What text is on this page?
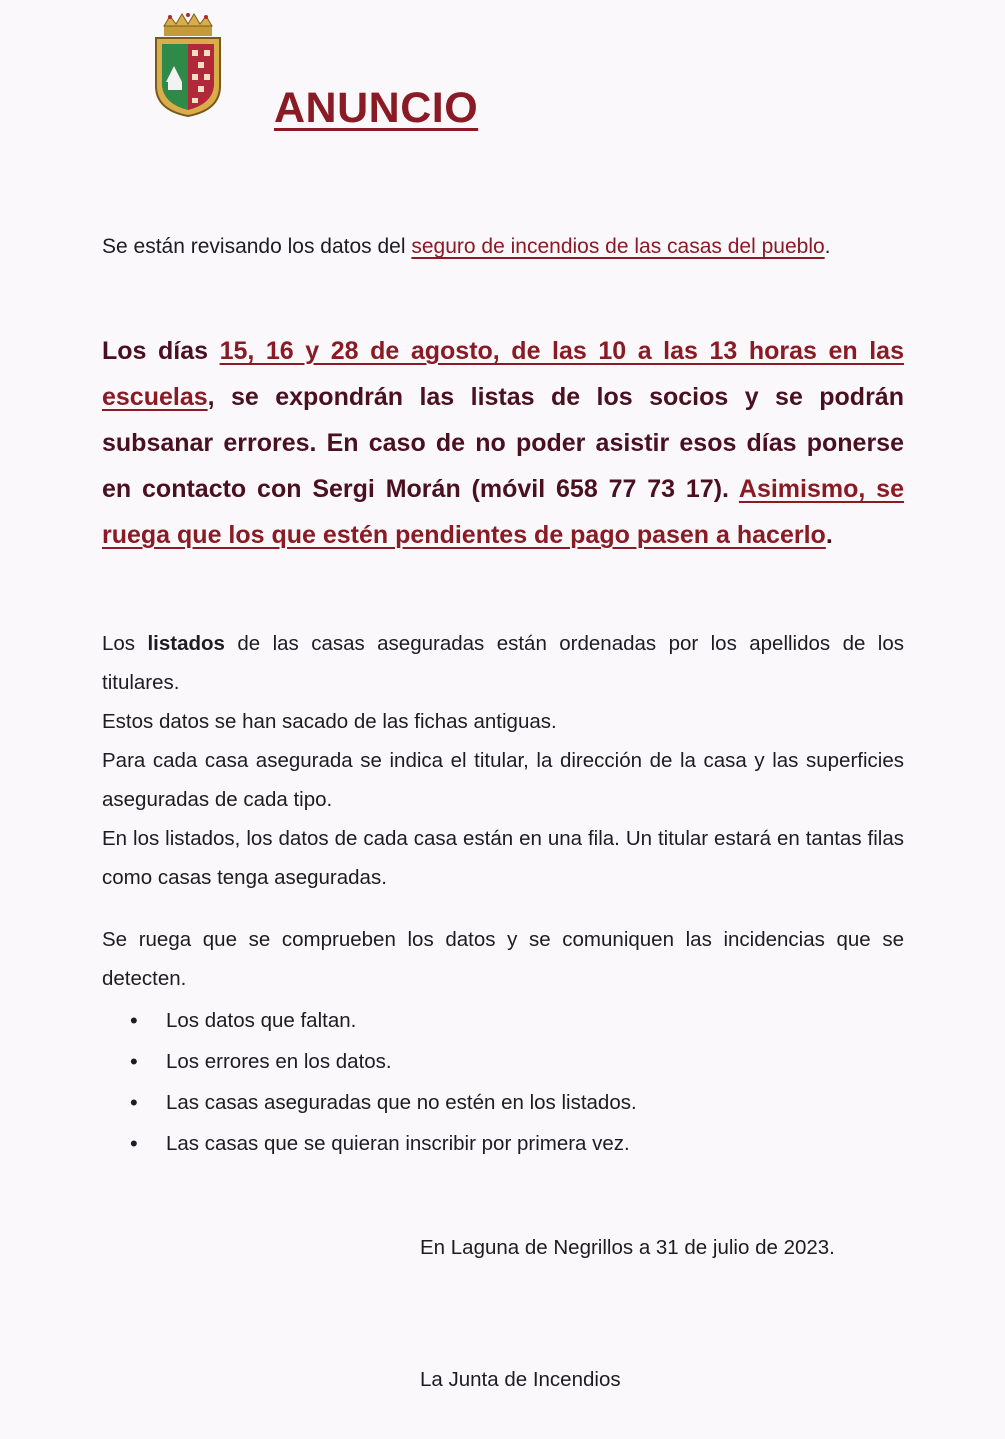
ANUNCIO

Se están revisando los datos del seguro de incendios de las casas del pueblo.

Los días 15, 16 y 28 de agosto, de las 10 a las 13 horas en las escuelas, se expondrán las listas de los socios y se podrán subsanar errores. En caso de no poder asistir esos días ponerse en contacto con Sergi Morán (móvil 658 77 73 17). Asimismo, se ruega que los que estén pendientes de pago pasen a hacerlo.

Los listados de las casas aseguradas están ordenadas por los apellidos de los titulares.
Estos datos se han sacado de las fichas antiguas.
Para cada casa asegurada se indica el titular, la dirección de la casa y las superficies aseguradas de cada tipo.
En los listados, los datos de cada casa están en una fila. Un titular estará en tantas filas como casas tenga aseguradas.

Se ruega que se comprueben los datos y se comuniquen las incidencias que se detecten.

• Los datos que faltan.
• Los errores en los datos.
• Las casas aseguradas que no estén en los listados.
• Las casas que se quieran inscribir por primera vez.
En Laguna de Negrillos a 31 de julio de 2023.
La Junta de Incendios
